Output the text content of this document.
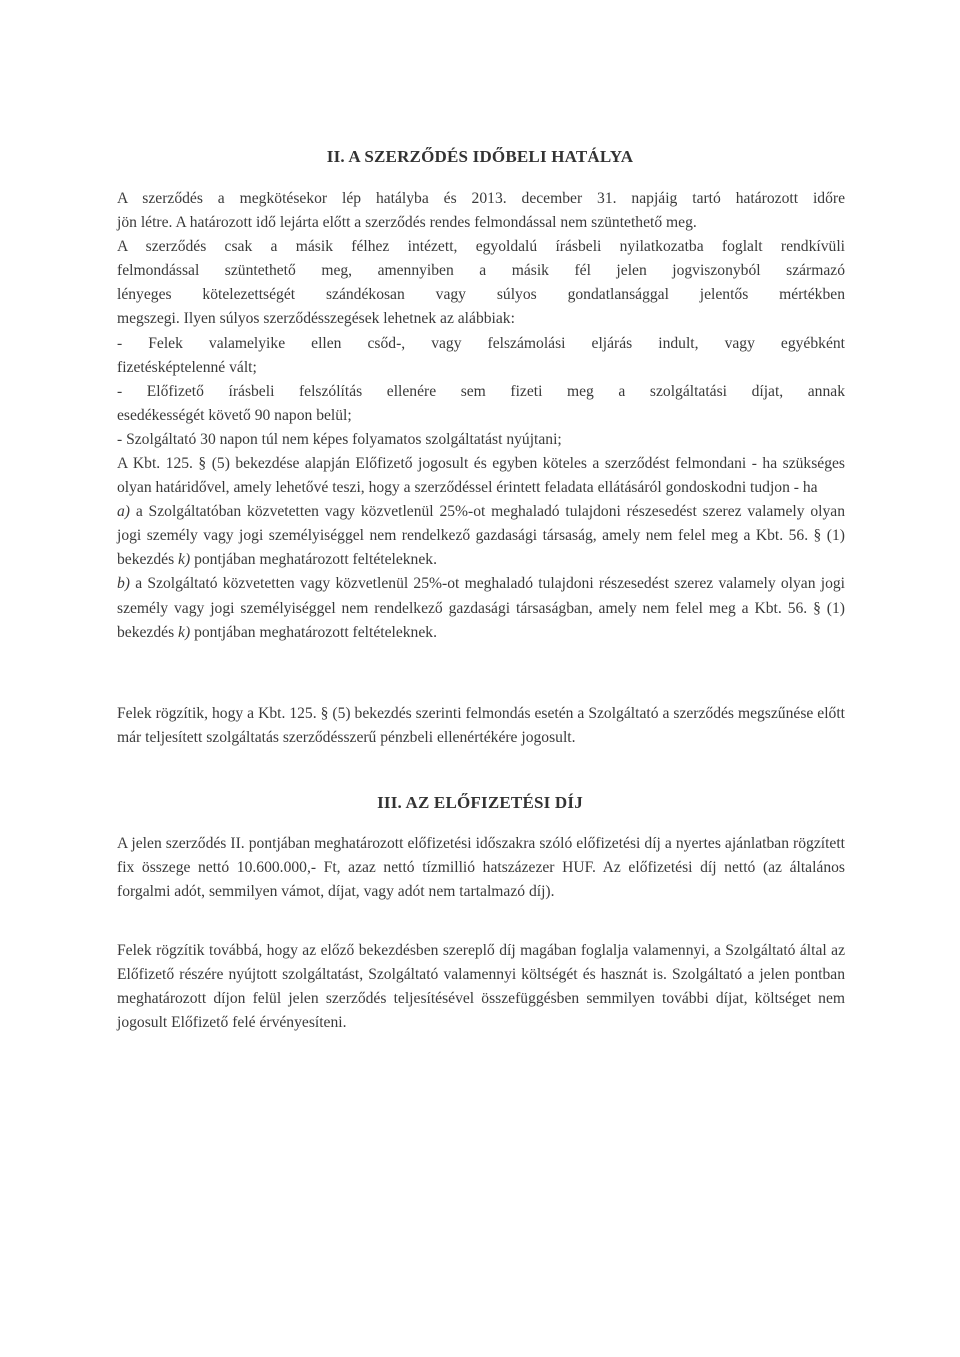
II. A SZERZŐDÉS IDŐBELI HATÁLYA
A szerződés a megkötésekor lép hatályba és 2013. december 31. napjáig tartó határozott időre
jön létre. A határozott idő lejárta előtt a szerződés rendes felmondással nem szüntethető meg.
A szerződés csak a másik félhez intézett, egyoldalú írásbeli nyilatkozatba foglalt rendkívüli
felmondással szüntethető meg, amennyiben a másik fél jelen jogviszonyból származó
lényeges kötelezettségét szándékosan vagy súlyos gondatlansággal jelentős mértékben
megszegi. Ilyen súlyos szerződésszegések lehetnek az alábbiak:
- Felek valamelyike ellen csőd-, vagy felszámolási eljárás indult, vagy egyébként
fizetésképtelenné vált;
- Előfizető írásbeli felszólítás ellenére sem fizeti meg a szolgáltatási díjat, annak
esedékességét követő 90 napon belül;
- Szolgáltató 30 napon túl nem képes folyamatos szolgáltatást nyújtani;

A Kbt. 125. § (5) bekezdése alapján Előfizető jogosult és egyben köteles a szerződést felmondani - ha szükséges olyan határidővel, amely lehetővé teszi, hogy a szerződéssel érintett feladata ellátásáról gondoskodni tudjon - ha

a) a Szolgáltatóban közvetetten vagy közvetlenül 25%-ot meghaladó tulajdoni részesedést szerez valamely olyan jogi személy vagy jogi személyiséggel nem rendelkező gazdasági társaság, amely nem felel meg a Kbt. 56. § (1) bekezdés k) pontjában meghatározott feltételeknek.

b) a Szolgáltató közvetetten vagy közvetlenül 25%-ot meghaladó tulajdoni részesedést szerez valamely olyan jogi személy vagy jogi személyiséggel nem rendelkező gazdasági társaságban, amely nem felel meg a Kbt. 56. § (1) bekezdés k) pontjában meghatározott feltételeknek.

Felek rögzítik, hogy a Kbt. 125. § (5) bekezdés szerinti felmondás esetén a Szolgáltató a szerződés megszűnése előtt már teljesített szolgáltatás szerződésszerű pénzbeli ellenértékére jogosult.

III. AZ ELŐFIZETÉSI DÍJ

A jelen szerződés II. pontjában meghatározott előfizetési időszakra szóló előfizetési díj a nyertes ajánlatban rögzített fix összege nettó 10.600.000,- Ft, azaz nettó tízmillió hatszázezer HUF. Az előfizetési díj nettó (az általános forgalmi adót, semmilyen vámot, díjat, vagy adót nem tartalmazó díj).

Felek rögzítik továbbá, hogy az előző bekezdésben szereplő díj magában foglalja valamennyi, a Szolgáltató által az Előfizető részére nyújtott szolgáltatást, Szolgáltató valamennyi költségét és hasznát is. Szolgáltató a jelen pontban meghatározott díjon felül jelen szerződés teljesítésével összefüggésben semmilyen további díjat, költséget nem jogosult Előfizető felé érvényesíteni.
